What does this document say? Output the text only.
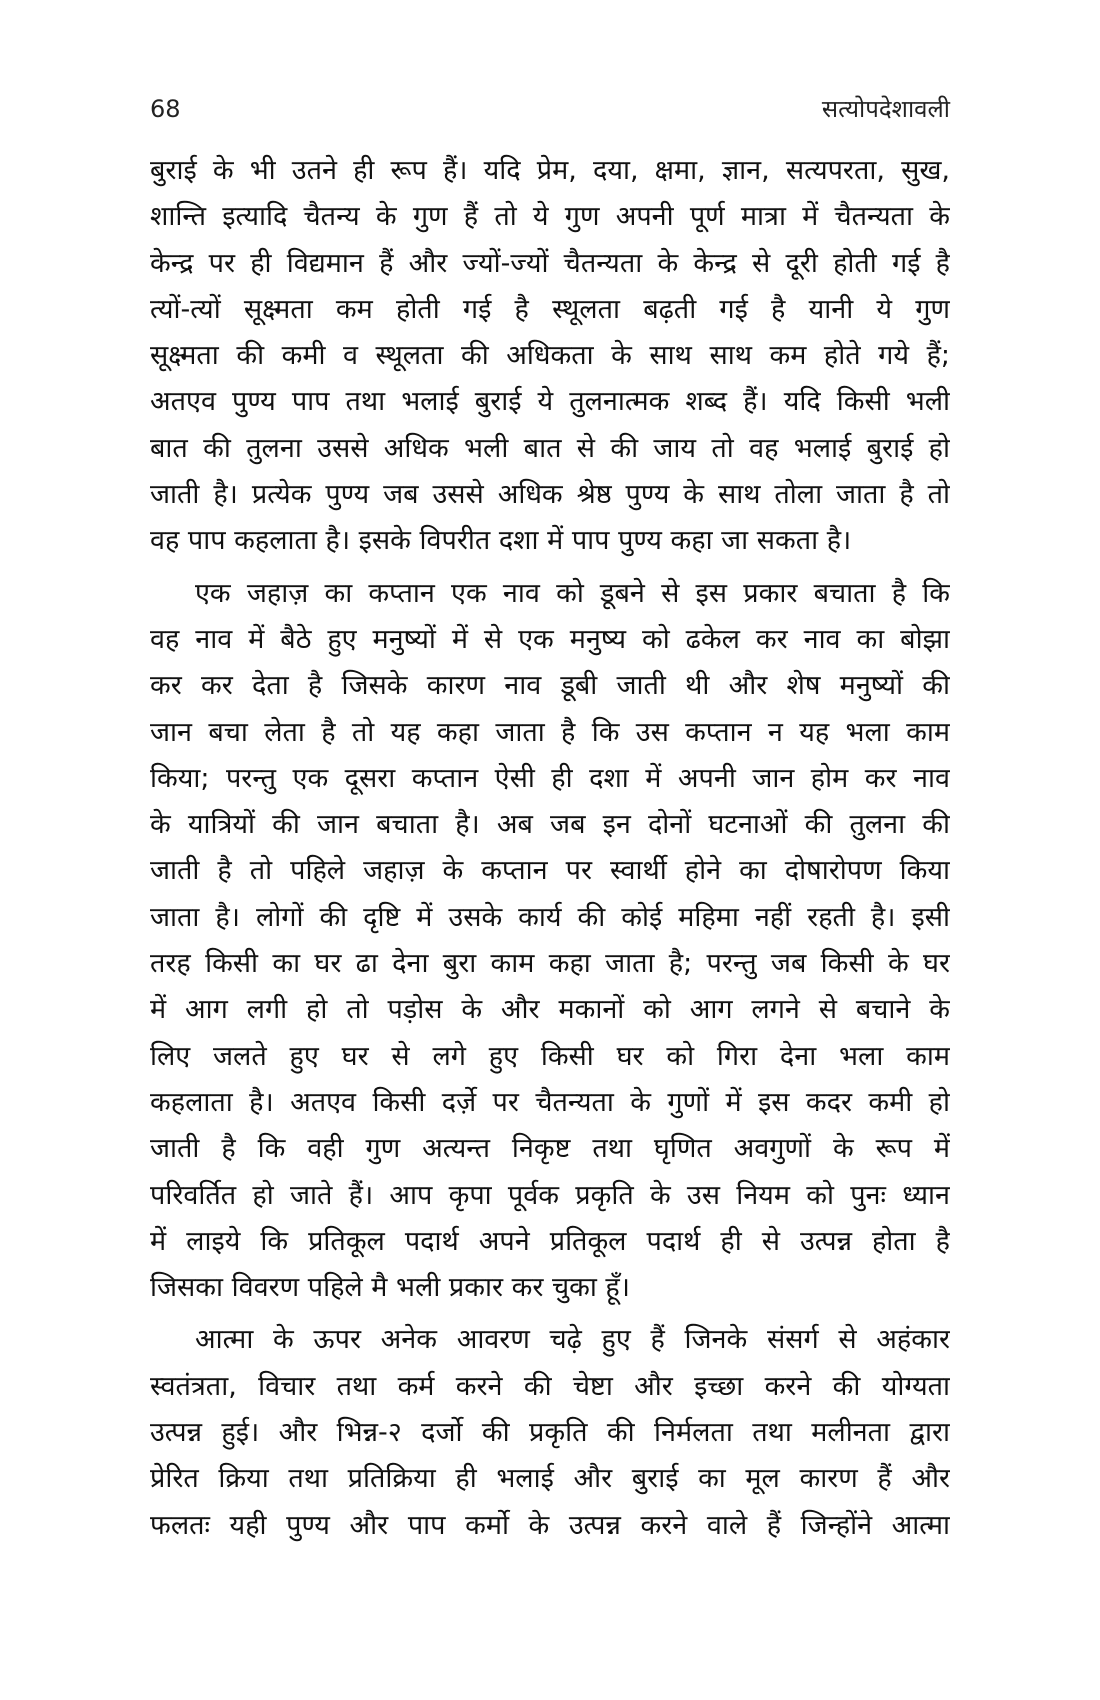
68	सत्योपदेशावली
बुराई के भी उतने ही रूप हैं। यदि प्रेम, दया, क्षमा, ज्ञान, सत्यपरता, सुख,
शान्ति इत्यादि चैतन्य के गुण हैं तो ये गुण अपनी पूर्ण मात्रा में चैतन्यता के
केन्द्र पर ही विद्यमान हैं और ज्यों-ज्यों चैतन्यता के केन्द्र से दूरी होती गई है
त्यों-त्यों सूक्ष्मता कम होती गई है स्थूलता बढ़ती गई है यानी ये गुण
सूक्ष्मता की कमी व स्थूलता की अधिकता के साथ साथ कम होते गये हैं;
अतएव पुण्य पाप तथा भलाई बुराई ये तुलनात्मक शब्द हैं। यदि किसी भली
बात की तुलना उससे अधिक भली बात से की जाय तो वह भलाई बुराई हो
जाती है। प्रत्येक पुण्य जब उससे अधिक श्रेष्ठ पुण्य के साथ तोला जाता है तो
वह पाप कहलाता है। इसके विपरीत दशा में पाप पुण्य कहा जा सकता है।
एक जहाज़ का कप्तान एक नाव को डूबने से इस प्रकार बचाता है कि
वह नाव में बैठे हुए मनुष्यों में से एक मनुष्य को ढकेल कर नाव का बोझा
कर कर देता है जिसके कारण नाव डूबी जाती थी और शेष मनुष्यों की
जान बचा लेता है तो यह कहा जाता है कि उस कप्तान न यह भला काम
किया; परन्तु एक दूसरा कप्तान ऐसी ही दशा में अपनी जान होम कर नाव
के यात्रियों की जान बचाता है। अब जब इन दोनों घटनाओं की तुलना की
जाती है तो पहिले जहाज़ के कप्तान पर स्वार्थी होने का दोषारोपण किया
जाता है। लोगों की दृष्टि में उसके कार्य की कोई महिमा नहीं रहती है। इसी
तरह किसी का घर ढा देना बुरा काम कहा जाता है; परन्तु जब किसी के घर
में आग लगी हो तो पड़ोस के और मकानों को आग लगने से बचाने के
लिए जलते हुए घर से लगे हुए किसी घर को गिरा देना भला काम
कहलाता है। अतएव किसी दर्ज़े पर चैतन्यता के गुणों में इस कदर कमी हो
जाती है कि वही गुण अत्यन्त निकृष्ट तथा घृणित अवगुणों के रूप में
परिवर्तित हो जाते हैं। आप कृपा पूर्वक प्रकृति के उस नियम को पुनः ध्यान
में लाइये कि प्रतिकूल पदार्थ अपने प्रतिकूल पदार्थ ही से उत्पन्न होता है
जिसका विवरण पहिले मै भली प्रकार कर चुका हूँ।
आत्मा के ऊपर अनेक आवरण चढ़े हुए हैं जिनके संसर्ग से अहंकार
स्वतंत्रता, विचार तथा कर्म करने की चेष्टा और इच्छा करने की योग्यता
उत्पन्न हुई। और भिन्न-२ दर्जो की प्रकृति की निर्मलता तथा मलीनता द्वारा
प्रेरित क्रिया तथा प्रतिक्रिया ही भलाई और बुराई का मूल कारण हैं और
फलतः यही पुण्य और पाप कर्मो के उत्पन्न करने वाले हैं जिन्होंने आत्मा
